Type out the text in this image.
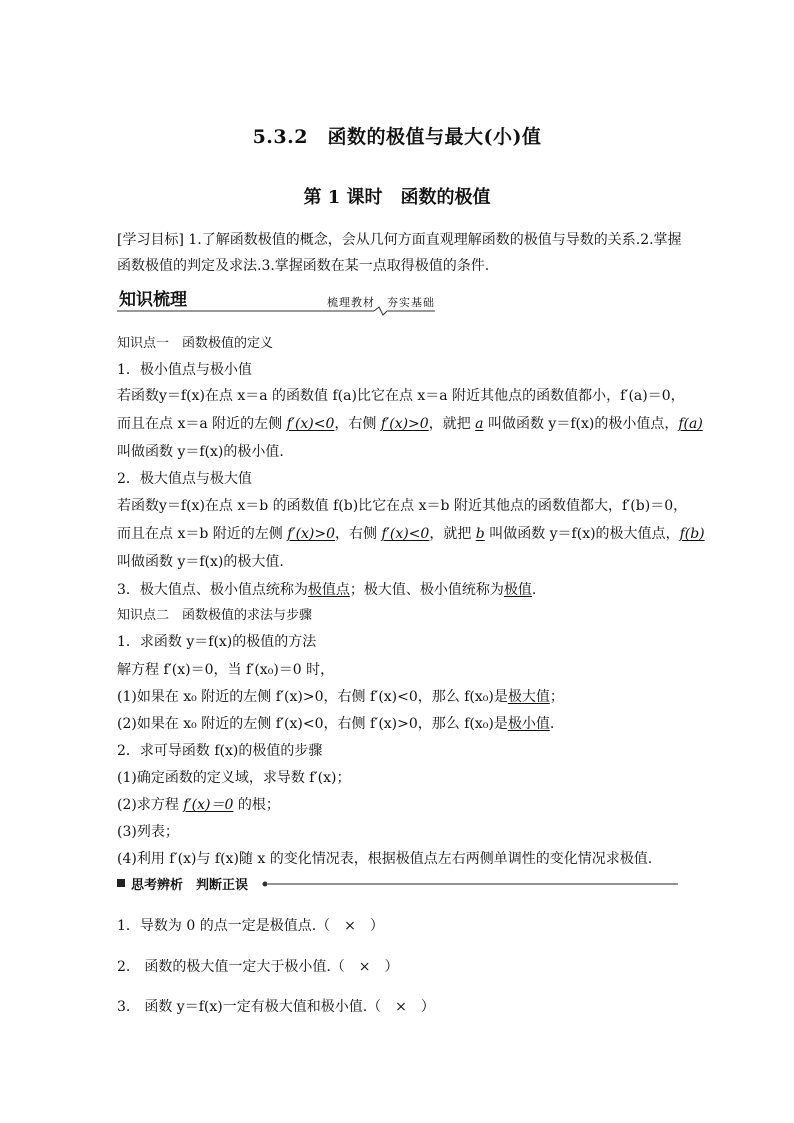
5.3.2　函数的极值与最大(小)值
第 1 课时　函数的极值
[学习目标] 1.了解函数极值的概念，会从几何方面直观理解函数的极值与导数的关系.2.掌握
函数极值的判定及求法.3.掌握函数在某一点取得极值的条件.
知识梳理	梳理教材　夯实基础
知识点一　函数极值的定义
1．极小值点与极小值
若函数y＝f(x)在点 x＝a 的函数值 f(a)比它在点 x＝a 附近其他点的函数值都小，f′(a)＝0，
而且在点 x＝a 附近的左侧 f′(x)<0，右侧 f′(x)>0，就把 a 叫做函数 y＝f(x)的极小值点，f(a)
叫做函数 y＝f(x)的极小值.
2．极大值点与极大值
若函数y＝f(x)在点 x＝b 的函数值 f(b)比它在点 x＝b 附近其他点的函数值都大，f′(b)＝0，
而且在点 x＝b 附近的左侧 f′(x)>0，右侧 f′(x)<0，就把 b 叫做函数 y＝f(x)的极大值点，f(b)
叫做函数 y＝f(x)的极大值.
3．极大值点、极小值点统称为极值点；极大值、极小值统称为极值.
知识点二　函数极值的求法与步骤
1．求函数 y＝f(x)的极值的方法
解方程 f′(x)＝0，当 f′(x₀)＝0 时，
(1)如果在 x₀ 附近的左侧 f′(x)>0，右侧 f′(x)<0，那么 f(x₀)是极大值；
(2)如果在 x₀ 附近的左侧 f′(x)<0，右侧 f′(x)>0，那么 f(x₀)是极小值.
2．求可导函数 f(x)的极值的步骤
(1)确定函数的定义域，求导数 f′(x)；
(2)求方程 f′(x)＝0 的根；
(3)列表；
(4)利用 f′(x)与 f(x)随 x 的变化情况表，根据极值点左右两侧单调性的变化情况求极值.
思考辨析　判断正误
1．导数为 0 的点一定是极值点.（　×　）
2.　函数的极大值一定大于极小值.（　×　）
3.　函数 y＝f(x)一定有极大值和极小值.（　×　）
